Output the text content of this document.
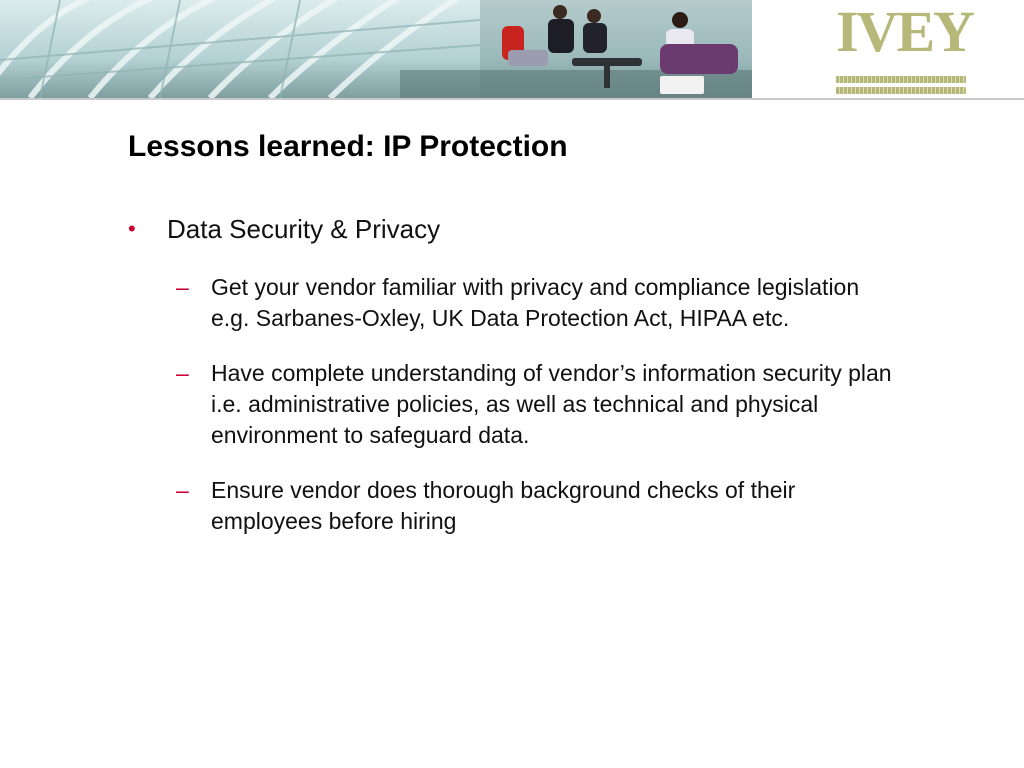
IVEY
Lessons learned: IP Protection
• Data Security & Privacy
– Get your vendor familiar with privacy and compliance legislation e.g. Sarbanes-Oxley, UK Data Protection Act, HIPAA etc.
– Have complete understanding of vendor’s information security plan i.e. administrative policies, as well as technical and physical environment to safeguard data.
– Ensure vendor does thorough background checks of their employees before hiring
